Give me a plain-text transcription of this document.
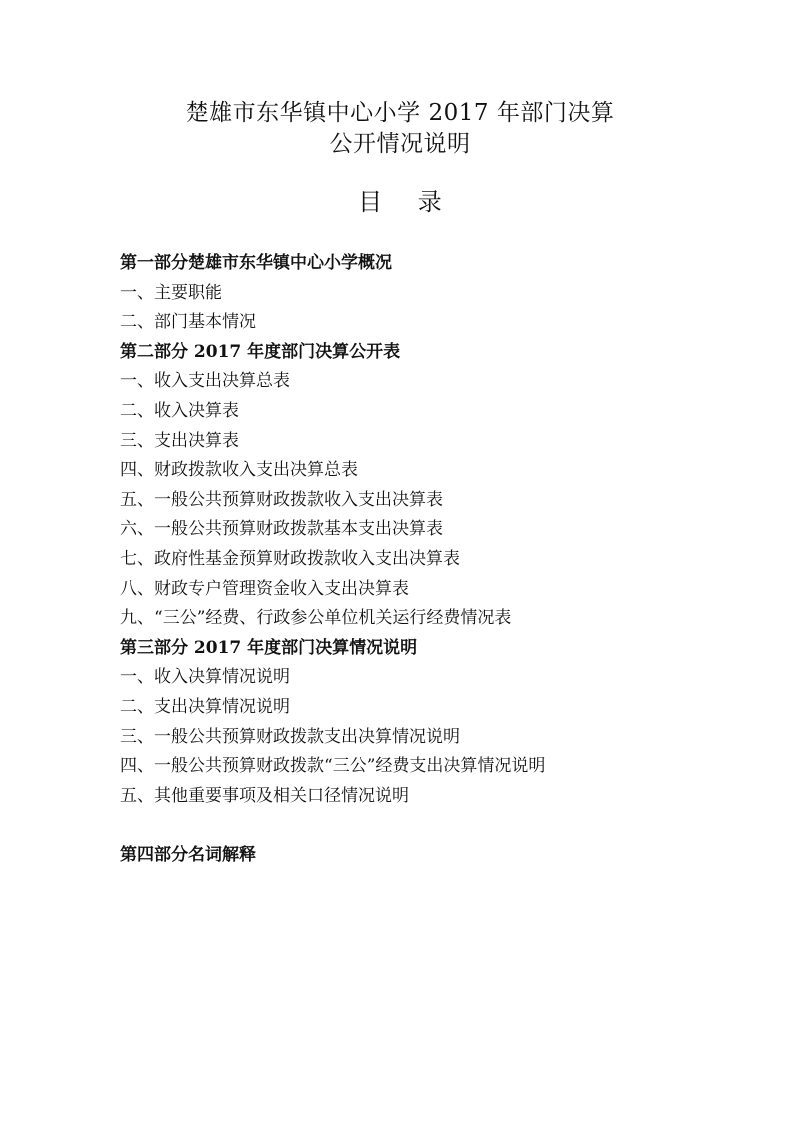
楚雄市东华镇中心小学 2017 年部门决算
公开情况说明
目 录
第一部分楚雄市东华镇中心小学概况
一、主要职能
二、部门基本情况
第二部分 2017 年度部门决算公开表
一、收入支出决算总表
二、收入决算表
三、支出决算表
四、财政拨款收入支出决算总表
五、一般公共预算财政拨款收入支出决算表
六、一般公共预算财政拨款基本支出决算表
七、政府性基金预算财政拨款收入支出决算表
八、财政专户管理资金收入支出决算表
九、“三公”经费、行政参公单位机关运行经费情况表
第三部分 2017 年度部门决算情况说明
一、收入决算情况说明
二、支出决算情况说明
三、一般公共预算财政拨款支出决算情况说明
四、一般公共预算财政拨款“三公”经费支出决算情况说明
五、其他重要事项及相关口径情况说明
第四部分名词解释
